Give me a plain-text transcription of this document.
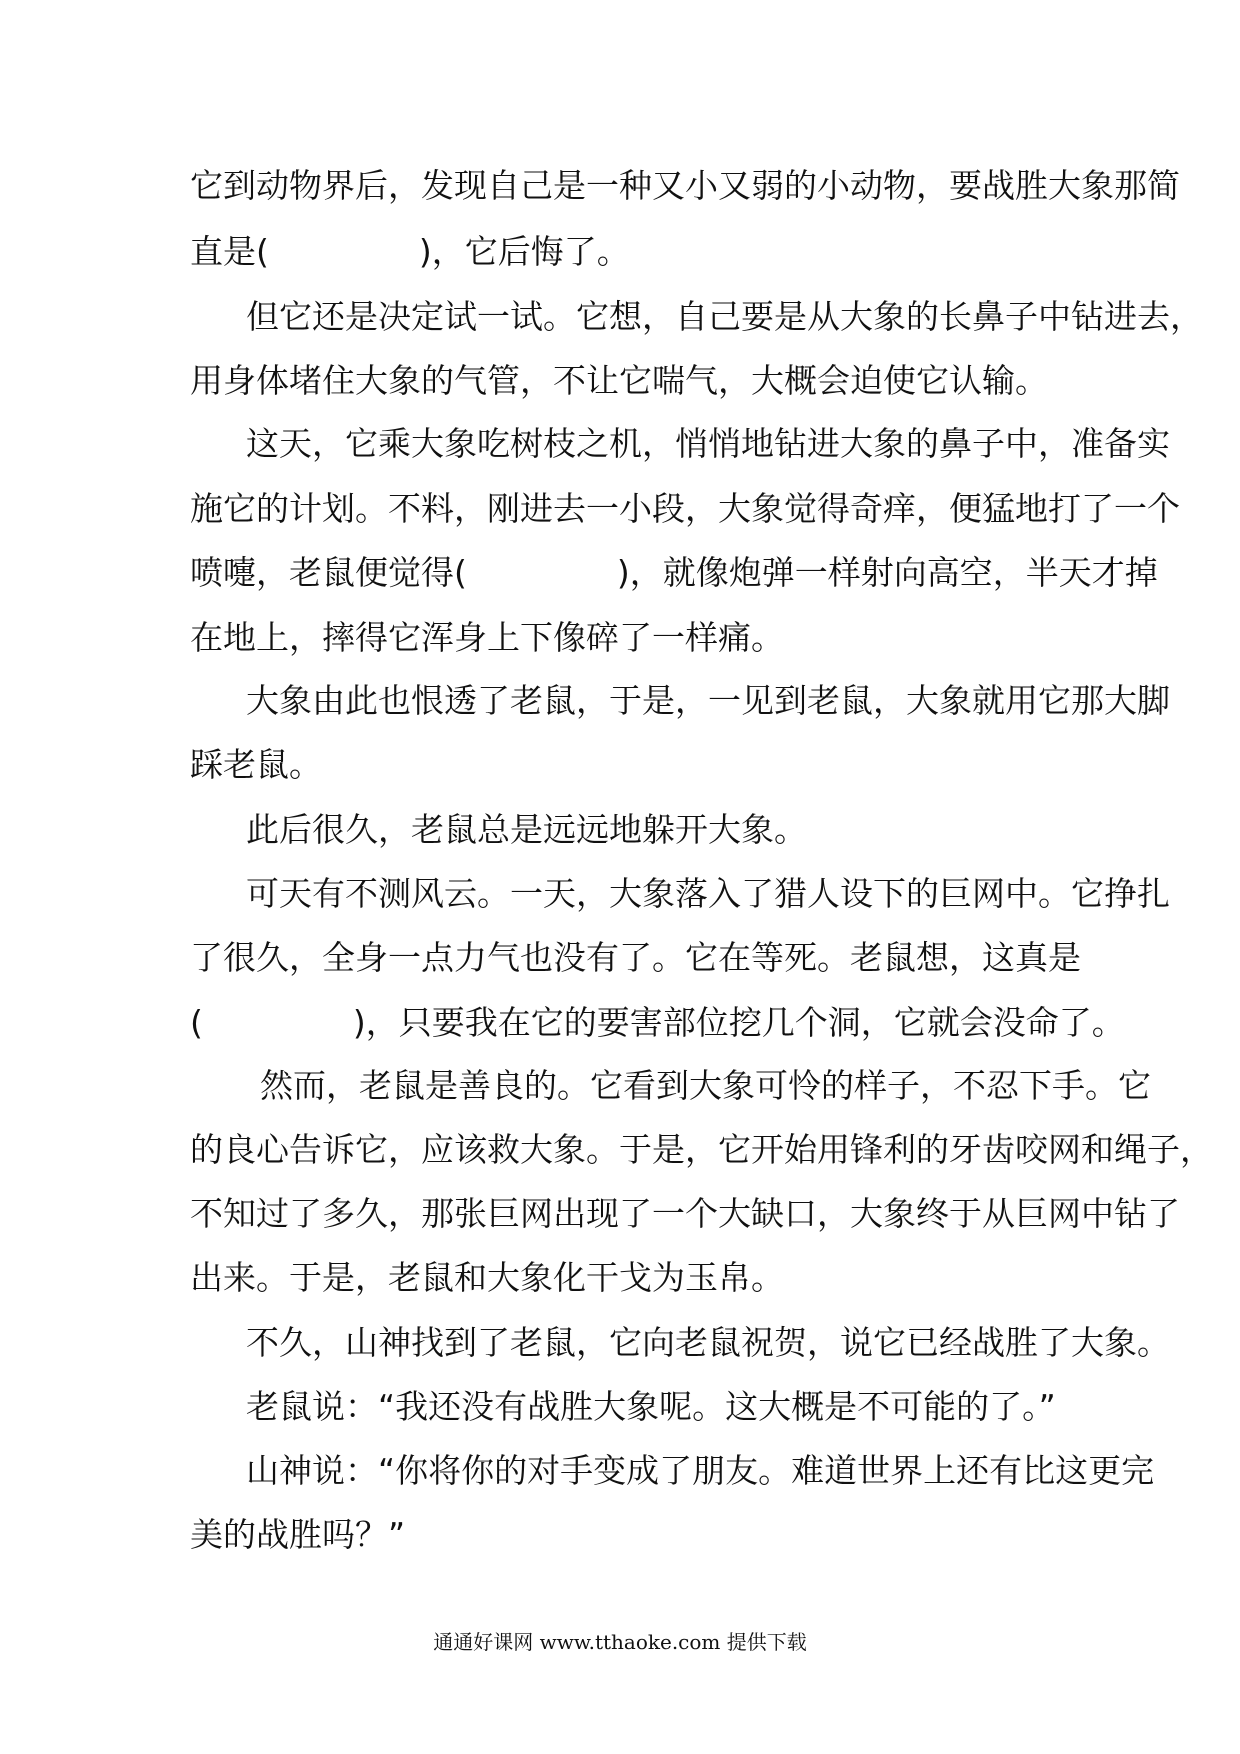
它到动物界后，发现自己是一种又小又弱的小动物，要战胜大象那简
直是(　　　　　	)，它后悔了。
但它还是决定试一试。它想，自己要是从大象的长鼻子中钻进去，
用身体堵住大象的气管，不让它喘气，大概会迫使它认输。
这天，它乘大象吃树枝之机，悄悄地钻进大象的鼻子中，准备实
施它的计划。不料，刚进去一小段，大象觉得奇痒，便猛地打了一个
喷嚏，老鼠便觉得(　　　　　	)，就像炮弹一样射向高空，半天才掉
在地上，摔得它浑身上下像碎了一样痛。
大象由此也恨透了老鼠，于是，一见到老鼠，大象就用它那大脚
踩老鼠。
此后很久，老鼠总是远远地躲开大象。
可天有不测风云。一天，大象落入了猎人设下的巨网中。它挣扎
了很久，全身一点力气也没有了。它在等死。老鼠想，这真是
(　　　　　	)，只要我在它的要害部位挖几个洞，它就会没命了。
然而，老鼠是善良的。它看到大象可怜的样子，不忍下手。它
的良心告诉它，应该救大象。于是，它开始用锋利的牙齿咬网和绳子，
不知过了多久，那张巨网出现了一个大缺口，大象终于从巨网中钻了
出来。于是，老鼠和大象化干戈为玉帛。
不久，山神找到了老鼠，它向老鼠祝贺，说它已经战胜了大象。
老鼠说：“我还没有战胜大象呢。这大概是不可能的了。”
山神说：“你将你的对手变成了朋友。难道世界上还有比这更完
美的战胜吗？”
通通好课网 www.tthaoke.com 提供下载
